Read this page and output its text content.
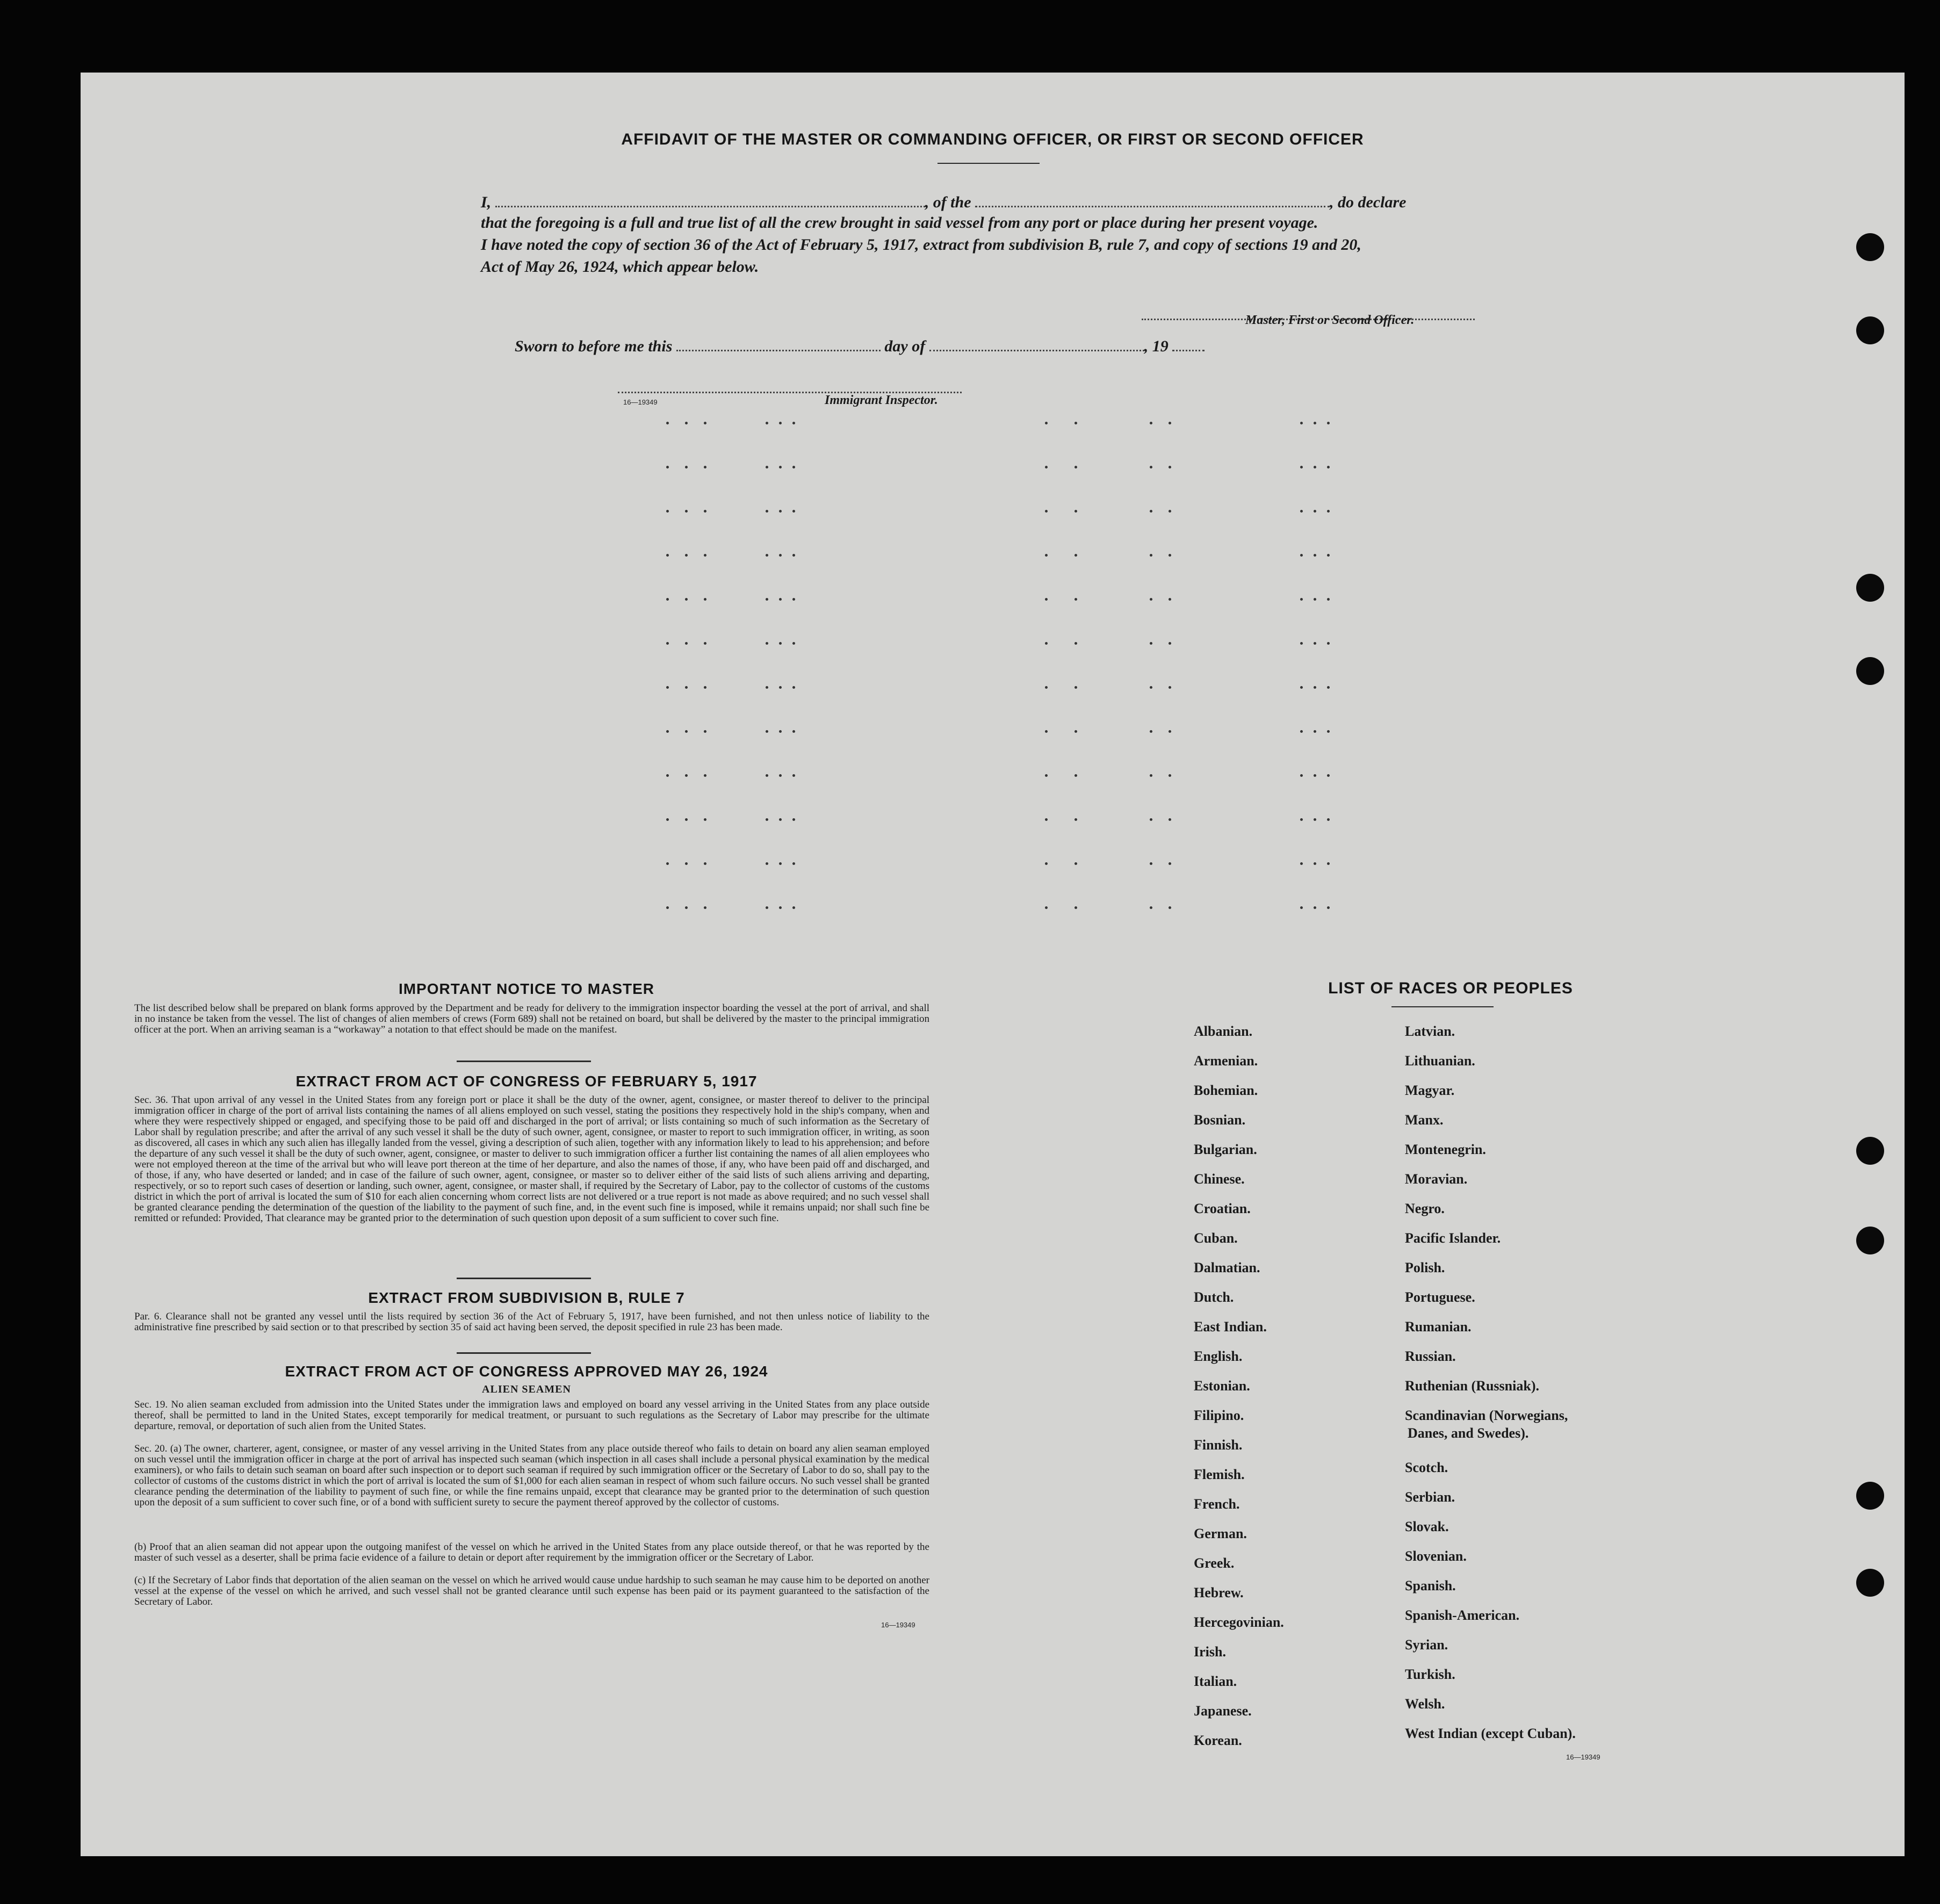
AFFIDAVIT OF THE MASTER OR COMMANDING OFFICER, OR FIRST OR SECOND OFFICER
I,	, of the	, do declare
that the foregoing is a full and true list of all the crew brought in said vessel from any port or place during her present voyage.
I have noted the copy of section 36 of the Act of February 5, 1917, extract from subdivision B, rule 7, and copy of sections 19 and 20,
Act of May 26, 1924, which appear below.
Master, First or Second Officer.
Sworn to before me this	day of	, 19
16—19349	Immigrant Inspector.
IMPORTANT NOTICE TO MASTER
The list described below shall be prepared on blank forms approved by the Department and be ready for delivery to the immigration inspector boarding the vessel at the port of arrival, and shall in no instance be taken from the vessel. The list of changes of alien members of crews (Form 689) shall not be retained on board, but shall be delivered by the master to the principal immigration officer at the port. When an arriving seaman is a “workaway” a notation to that effect should be made on the manifest.
EXTRACT FROM ACT OF CONGRESS OF FEBRUARY 5, 1917
Sec. 36. That upon arrival of any vessel in the United States from any foreign port or place it shall be the duty of the owner, agent, consignee, or master thereof to deliver to the principal immigration officer in charge of the port of arrival lists containing the names of all aliens employed on such vessel, stating the positions they respectively hold in the ship's company, when and where they were respectively shipped or engaged, and specifying those to be paid off and discharged in the port of arrival; or lists containing so much of such information as the Secretary of Labor shall by regulation prescribe; and after the arrival of any such vessel it shall be the duty of such owner, agent, consignee, or master to report to such immigration officer, in writing, as soon as discovered, all cases in which any such alien has illegally landed from the vessel, giving a description of such alien, together with any information likely to lead to his apprehension; and before the departure of any such vessel it shall be the duty of such owner, agent, consignee, or master to deliver to such immigration officer a further list containing the names of all alien employees who were not employed thereon at the time of the arrival but who will leave port thereon at the time of her departure, and also the names of those, if any, who have been paid off and discharged, and of those, if any, who have deserted or landed; and in case of the failure of such owner, agent, consignee, or master so to deliver either of the said lists of such aliens arriving and departing, respectively, or so to report such cases of desertion or landing, such owner, agent, consignee, or master shall, if required by the Secretary of Labor, pay to the collector of customs of the customs district in which the port of arrival is located the sum of $10 for each alien concerning whom correct lists are not delivered or a true report is not made as above required; and no such vessel shall be granted clearance pending the determination of the question of the liability to the payment of such fine, and, in the event such fine is imposed, while it remains unpaid; nor shall such fine be remitted or refunded: Provided, That clearance may be granted prior to the determination of such question upon deposit of a sum sufficient to cover such fine.
EXTRACT FROM SUBDIVISION B, RULE 7
Par. 6. Clearance shall not be granted any vessel until the lists required by section 36 of the Act of February 5, 1917, have been furnished, and not then unless notice of liability to the administrative fine prescribed by said section or to that prescribed by section 35 of said act having been served, the deposit specified in rule 23 has been made.
EXTRACT FROM ACT OF CONGRESS APPROVED MAY 26, 1924
ALIEN SEAMEN
Sec. 19. No alien seaman excluded from admission into the United States under the immigration laws and employed on board any vessel arriving in the United States from any place outside thereof, shall be permitted to land in the United States, except temporarily for medical treatment, or pursuant to such regulations as the Secretary of Labor may prescribe for the ultimate departure, removal, or deportation of such alien from the United States.
Sec. 20. (a) The owner, charterer, agent, consignee, or master of any vessel arriving in the United States from any place outside thereof who fails to detain on board any alien seaman employed on such vessel until the immigration officer in charge at the port of arrival has inspected such seaman (which inspection in all cases shall include a personal physical examination by the medical examiners), or who fails to detain such seaman on board after such inspection or to deport such seaman if required by such immigration officer or the Secretary of Labor to do so, shall pay to the collector of customs of the customs district in which the port of arrival is located the sum of $1,000 for each alien seaman in respect of whom such failure occurs. No such vessel shall be granted clearance pending the determination of the liability to payment of such fine, or while the fine remains unpaid, except that clearance may be granted prior to the determination of such question upon the deposit of a sum sufficient to cover such fine, or of a bond with sufficient surety to secure the payment thereof approved by the collector of customs.
(b) Proof that an alien seaman did not appear upon the outgoing manifest of the vessel on which he arrived in the United States from any place outside thereof, or that he was reported by the master of such vessel as a deserter, shall be prima facie evidence of a failure to detain or deport after requirement by the immigration officer or the Secretary of Labor.
(c) If the Secretary of Labor finds that deportation of the alien seaman on the vessel on which he arrived would cause undue hardship to such seaman he may cause him to be deported on another vessel at the expense of the vessel on which he arrived, and such vessel shall not be granted clearance until such expense has been paid or its payment guaranteed to the satisfaction of the Secretary of Labor.
16—19349
LIST OF RACES OR PEOPLES
Albanian.
Armenian.
Bohemian.
Bosnian.
Bulgarian.
Chinese.
Croatian.
Cuban.
Dalmatian.
Dutch.
East Indian.
English.
Estonian.
Filipino.
Finnish.
Flemish.
French.
German.
Greek.
Hebrew.
Hercegovinian.
Irish.
Italian.
Japanese.
Korean.
Latvian.
Lithuanian.
Magyar.
Manx.
Montenegrin.
Moravian.
Negro.
Pacific Islander.
Polish.
Portuguese.
Rumanian.
Russian.
Ruthenian (Russniak).
Scandinavian (Norwegians,
Danes, and Swedes).
Scotch.
Serbian.
Slovak.
Slovenian.
Spanish.
Spanish-American.
Syrian.
Turkish.
Welsh.
West Indian (except Cuban).
16—19349
